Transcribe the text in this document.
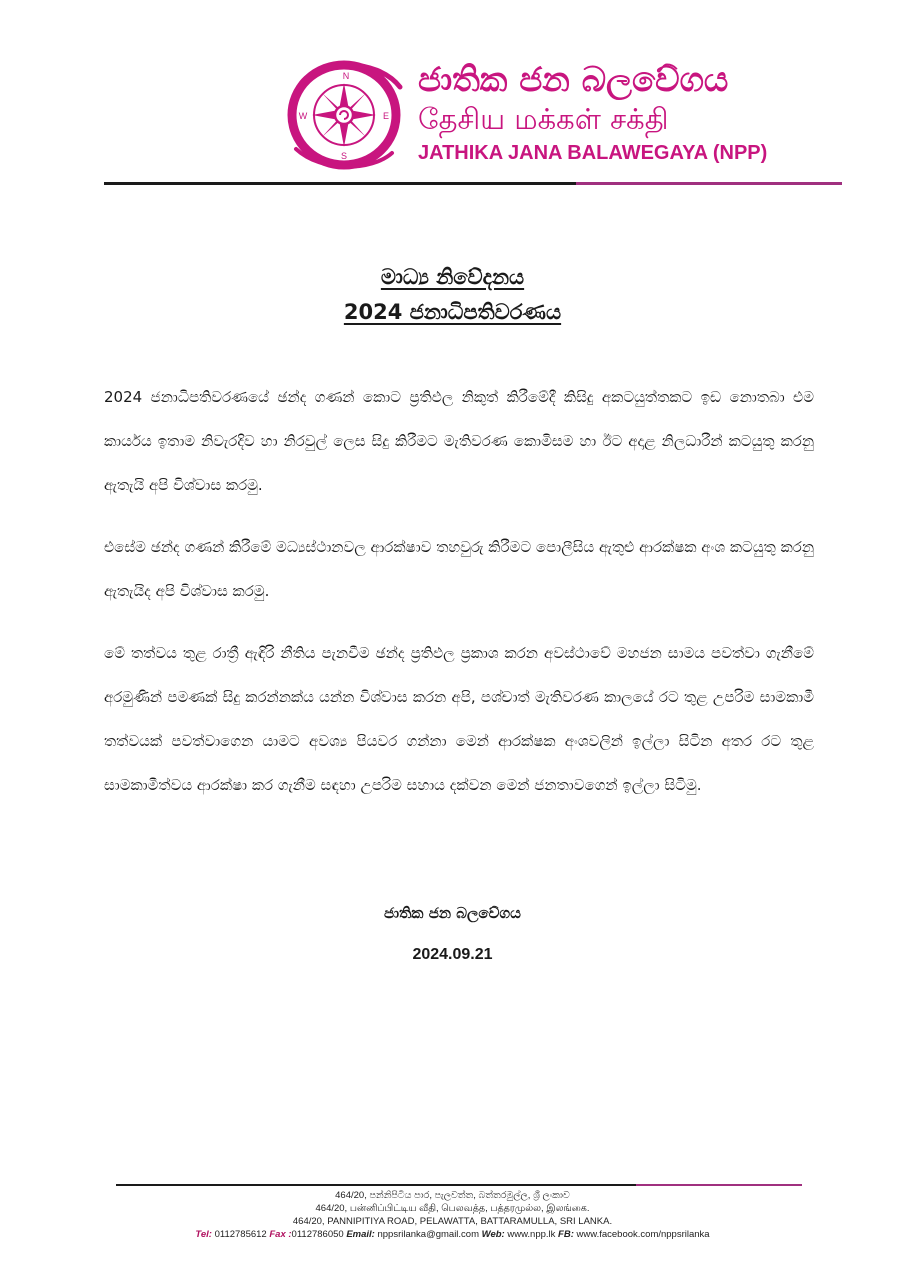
N
E
S
W
ජාතික ජන බලවේගය
தேசிய மக்கள் சக்தி
JATHIKA JANA BALAWEGAYA (NPP)
මාධ්‍ය නිවේදනය
2024 ජනාධිපතිවරණය

2024 ජනාධිපතිවරණයේ ඡන්ද ගණන් කොට ප්‍රතිඵල නිකුත් කිරීමේදී කිසිදු අකටයුත්තකට ඉඩ නොතබා එම කාර්යය ඉතාම නිවැරදිව හා නිරවුල් ලෙස සිදු කිරීමට මැතිවරණ කොමිසම හා ඊට අදාළ නිලධාරීන් කටයුතු කරනු ඇතැයි අපි විශ්වාස කරමු.

එසේම ඡන්ද ගණන් කිරීමේ මධ්‍යස්ථානවල ආරක්ෂාව තහවුරු කිරීමට පොලීසිය ඇතුළු ආරක්ෂක අංශ කටයුතු කරනු ඇතැයිද අපි විශ්වාස කරමු.

මේ තත්වය තුළ රාත්‍රී ඇඳිරි නීතිය පැනවීම ඡන්ද ප්‍රතිඵල ප්‍රකාශ කරන අවස්ථාවේ මහජන සාමය පවත්වා ගැනීමේ අරමුණින් පමණක් සිදු කරන්නක්ය යන්න විශ්වාස කරන අපි, පශ්චාත් මැතිවරණ කාලයේ රට තුළ උපරිම සාමකාමී තත්වයක් පවත්වාගෙන යාමට අවශ්‍ය පියවර ගන්නා මෙන් ආරක්ෂක අංශවලින් ඉල්ලා සිටින අතර රට තුළ සාමකාමීත්වය ආරක්ෂා කර ගැනීම සඳහා උපරිම සහාය දක්වන මෙන් ජනතාවගෙන් ඉල්ලා සිටිමු.

ජාතික ජන බලවේගය
2024.09.21
464/20, පන්නිපිටිය පාර, පැලවත්ත, බත්තරමුල්ල, ශ්‍රී ලංකාව
464/20, பன்னிப்பிட்டிய வீதி, பெலவத்த, பத்தரமுல்ல, இலங்கை.
464/20, PANNIPITIYA ROAD, PELAWATTA, BATTARAMULLA, SRI LANKA.
Tel: 0112785612 Fax :0112786050 Email: nppsrilanka@gmail.com Web: www.npp.lk FB: www.facebook.com/nppsrilanka
